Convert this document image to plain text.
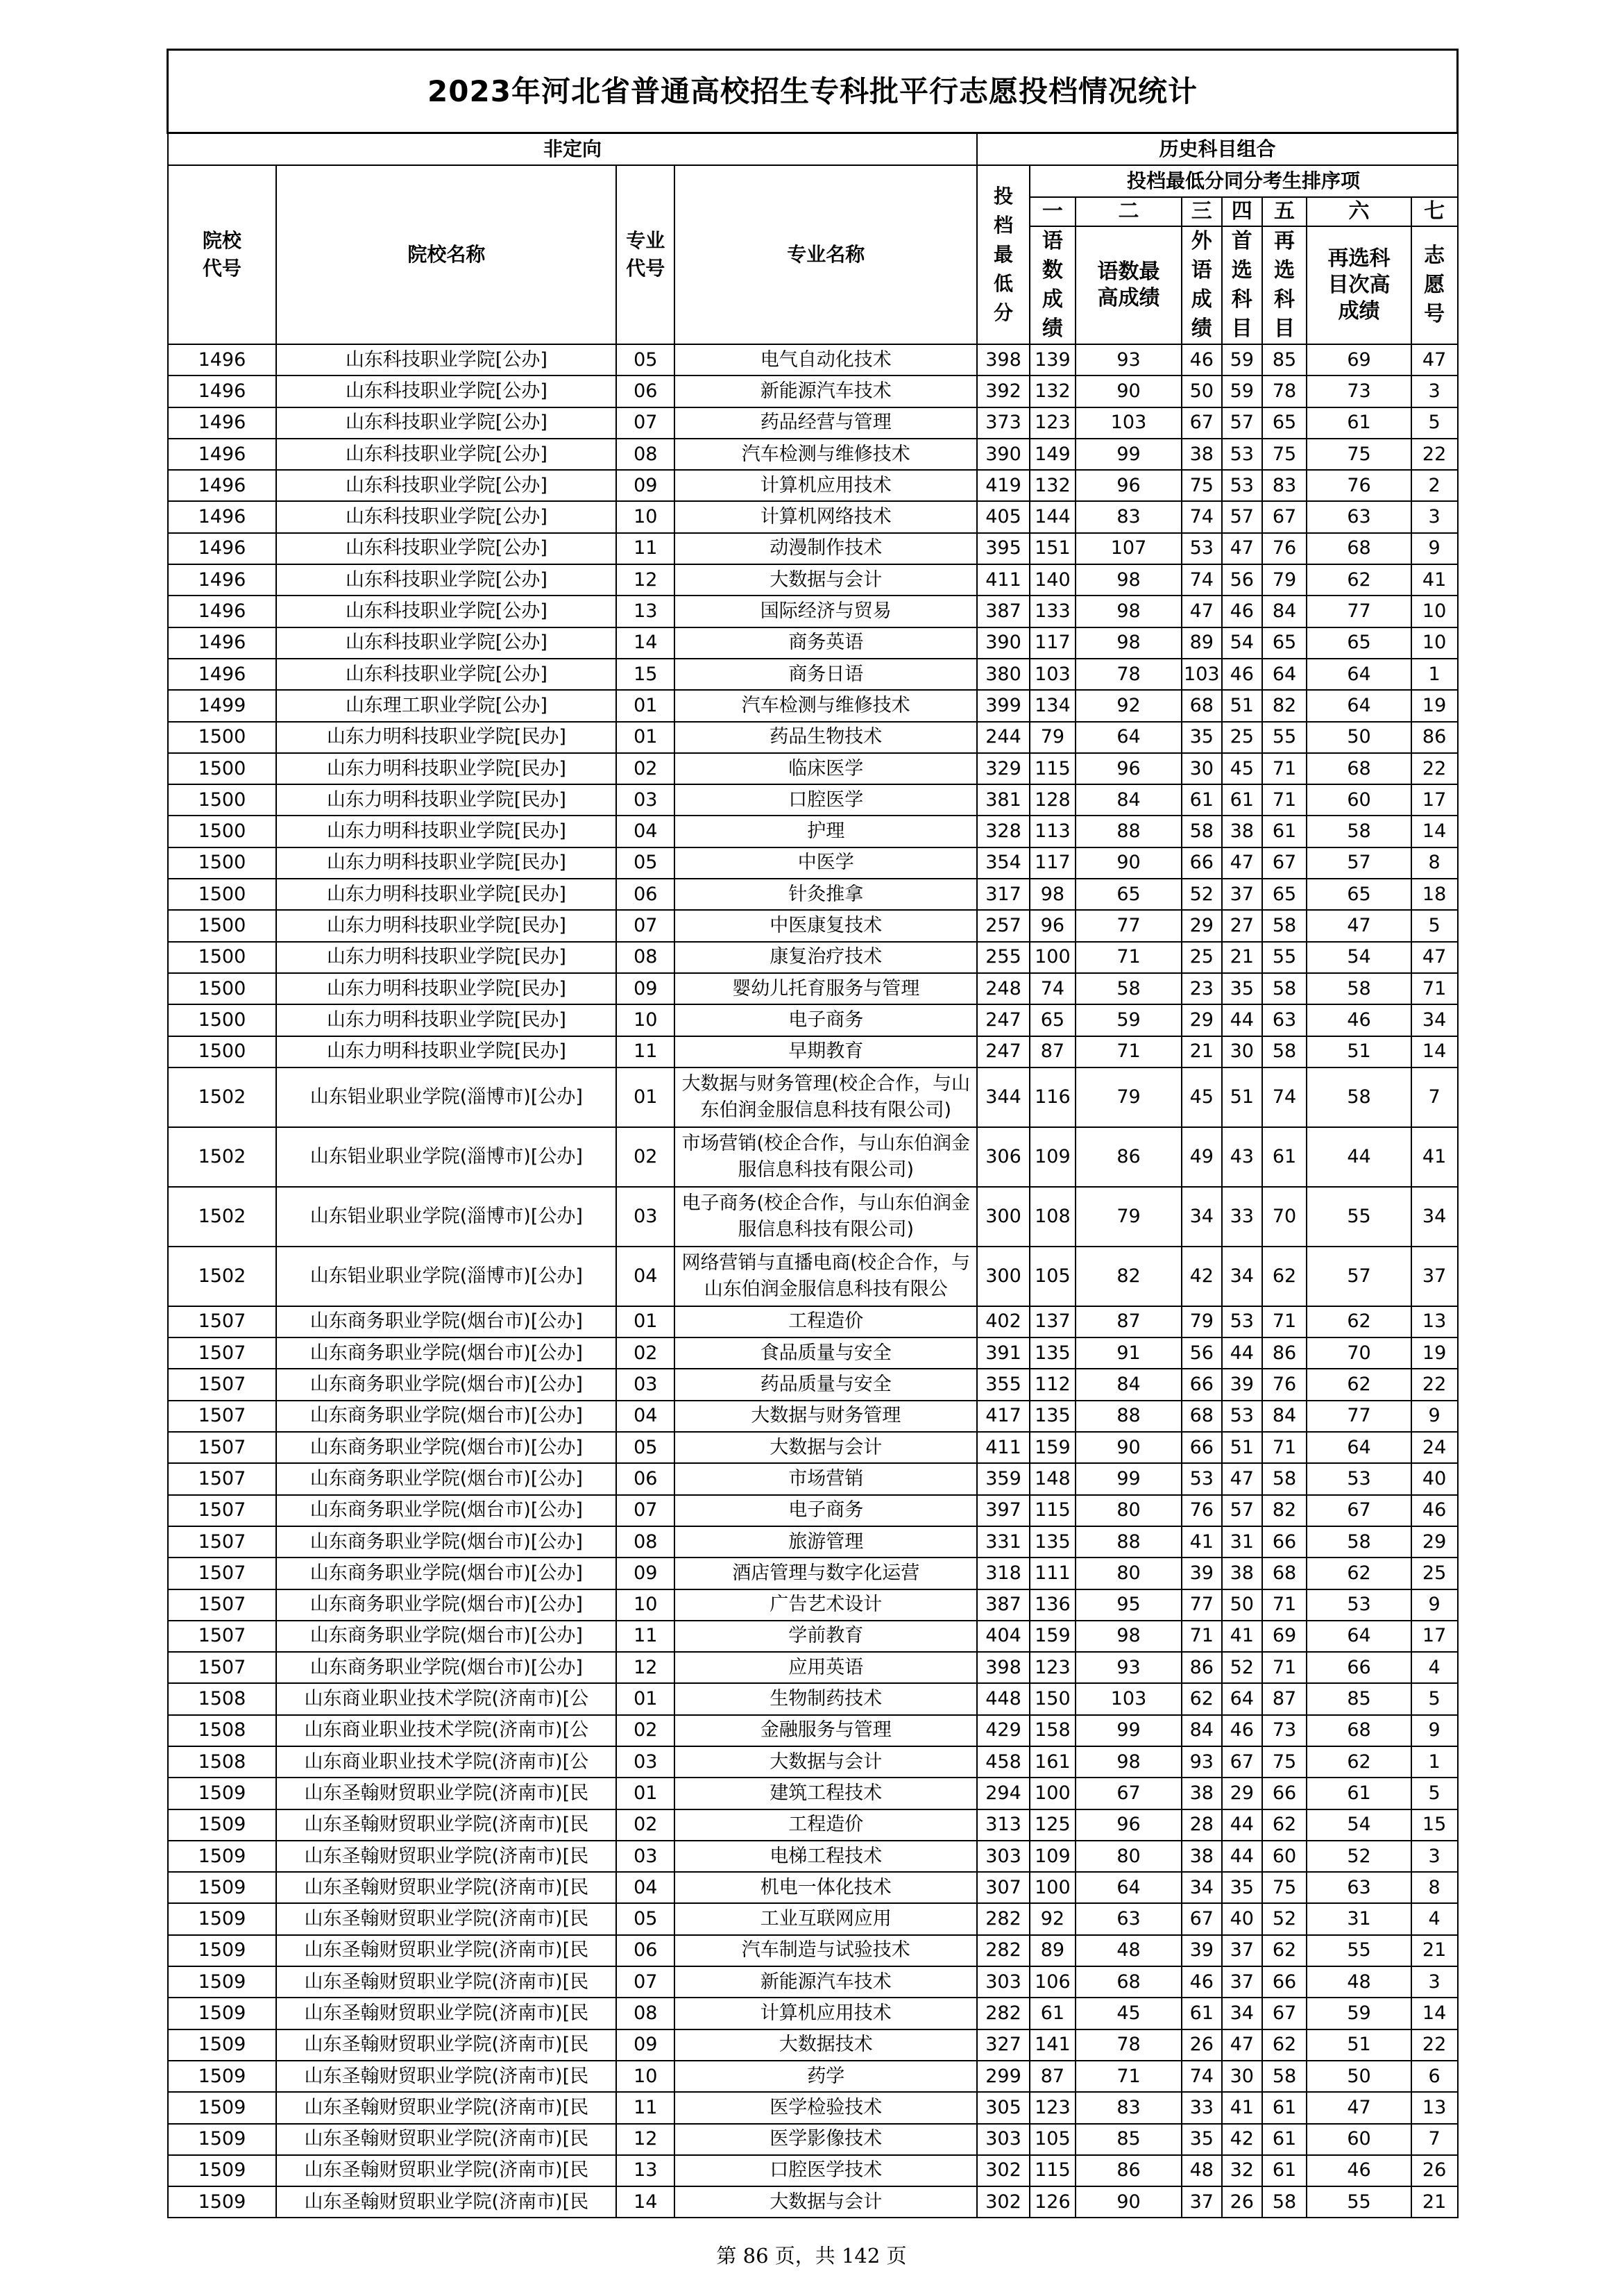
2023年河北省普通高校招生专科批平行志愿投档情况统计											
非定向				历史科目组合							
院校代号	院校名称	专业代号	专业名称	投档最低分	投档最低分同分考生排序项						
					一	二	三	四	五	六	七
					语数成绩	语数最高成绩	外语成绩	首选科目	再选科目	再选科目次高成绩	志愿号

1496	山东科技职业学院[公办]	05	电气自动化技术	398	139	93	46	59	85	69	47
1496	山东科技职业学院[公办]	06	新能源汽车技术	392	132	90	50	59	78	73	3
1496	山东科技职业学院[公办]	07	药品经营与管理	373	123	103	67	57	65	61	5
1496	山东科技职业学院[公办]	08	汽车检测与维修技术	390	149	99	38	53	75	75	22
1496	山东科技职业学院[公办]	09	计算机应用技术	419	132	96	75	53	83	76	2
1496	山东科技职业学院[公办]	10	计算机网络技术	405	144	83	74	57	67	63	3
1496	山东科技职业学院[公办]	11	动漫制作技术	395	151	107	53	47	76	68	9
1496	山东科技职业学院[公办]	12	大数据与会计	411	140	98	74	56	79	62	41
1496	山东科技职业学院[公办]	13	国际经济与贸易	387	133	98	47	46	84	77	10
1496	山东科技职业学院[公办]	14	商务英语	390	117	98	89	54	65	65	10
1496	山东科技职业学院[公办]	15	商务日语	380	103	78	103	46	64	64	1
1499	山东理工职业学院[公办]	01	汽车检测与维修技术	399	134	92	68	51	82	64	19
1500	山东力明科技职业学院[民办]	01	药品生物技术	244	79	64	35	25	55	50	86
1500	山东力明科技职业学院[民办]	02	临床医学	329	115	96	30	45	71	68	22
1500	山东力明科技职业学院[民办]	03	口腔医学	381	128	84	61	61	71	60	17
1500	山东力明科技职业学院[民办]	04	护理	328	113	88	58	38	61	58	14
1500	山东力明科技职业学院[民办]	05	中医学	354	117	90	66	47	67	57	8
1500	山东力明科技职业学院[民办]	06	针灸推拿	317	98	65	52	37	65	65	18
1500	山东力明科技职业学院[民办]	07	中医康复技术	257	96	77	29	27	58	47	5
1500	山东力明科技职业学院[民办]	08	康复治疗技术	255	100	71	25	21	55	54	47
1500	山东力明科技职业学院[民办]	09	婴幼儿托育服务与管理	248	74	58	23	35	58	58	71
1500	山东力明科技职业学院[民办]	10	电子商务	247	65	59	29	44	63	46	34
1500	山东力明科技职业学院[民办]	11	早期教育	247	87	71	21	30	58	51	14
1502	山东铝业职业学院(淄博市)[公办]	01	大数据与财务管理(校企合作，与山东伯润金服信息科技有限公司)	344	116	79	45	51	74	58	7
1502	山东铝业职业学院(淄博市)[公办]	02	市场营销(校企合作，与山东伯润金服信息科技有限公司)	306	109	86	49	43	61	44	41
1502	山东铝业职业学院(淄博市)[公办]	03	电子商务(校企合作，与山东伯润金服信息科技有限公司)	300	108	79	34	33	70	55	34
1502	山东铝业职业学院(淄博市)[公办]	04	网络营销与直播电商(校企合作，与山东伯润金服信息科技有限公	300	105	82	42	34	62	57	37
1507	山东商务职业学院(烟台市)[公办]	01	工程造价	402	137	87	79	53	71	62	13
1507	山东商务职业学院(烟台市)[公办]	02	食品质量与安全	391	135	91	56	44	86	70	19
1507	山东商务职业学院(烟台市)[公办]	03	药品质量与安全	355	112	84	66	39	76	62	22
1507	山东商务职业学院(烟台市)[公办]	04	大数据与财务管理	417	135	88	68	53	84	77	9
1507	山东商务职业学院(烟台市)[公办]	05	大数据与会计	411	159	90	66	51	71	64	24
1507	山东商务职业学院(烟台市)[公办]	06	市场营销	359	148	99	53	47	58	53	40
1507	山东商务职业学院(烟台市)[公办]	07	电子商务	397	115	80	76	57	82	67	46
1507	山东商务职业学院(烟台市)[公办]	08	旅游管理	331	135	88	41	31	66	58	29
1507	山东商务职业学院(烟台市)[公办]	09	酒店管理与数字化运营	318	111	80	39	38	68	62	25
1507	山东商务职业学院(烟台市)[公办]	10	广告艺术设计	387	136	95	77	50	71	53	9
1507	山东商务职业学院(烟台市)[公办]	11	学前教育	404	159	98	71	41	69	64	17
1507	山东商务职业学院(烟台市)[公办]	12	应用英语	398	123	93	86	52	71	66	4
1508	山东商业职业技术学院(济南市)[公	01	生物制药技术	448	150	103	62	64	87	85	5
1508	山东商业职业技术学院(济南市)[公	02	金融服务与管理	429	158	99	84	46	73	68	9
1508	山东商业职业技术学院(济南市)[公	03	大数据与会计	458	161	98	93	67	75	62	1
1509	山东圣翰财贸职业学院(济南市)[民	01	建筑工程技术	294	100	67	38	29	66	61	5
1509	山东圣翰财贸职业学院(济南市)[民	02	工程造价	313	125	96	28	44	62	54	15
1509	山东圣翰财贸职业学院(济南市)[民	03	电梯工程技术	303	109	80	38	44	60	52	3
1509	山东圣翰财贸职业学院(济南市)[民	04	机电一体化技术	307	100	64	34	35	75	63	8
1509	山东圣翰财贸职业学院(济南市)[民	05	工业互联网应用	282	92	63	67	40	52	31	4
1509	山东圣翰财贸职业学院(济南市)[民	06	汽车制造与试验技术	282	89	48	39	37	62	55	21
1509	山东圣翰财贸职业学院(济南市)[民	07	新能源汽车技术	303	106	68	46	37	66	48	3
1509	山东圣翰财贸职业学院(济南市)[民	08	计算机应用技术	282	61	45	61	34	67	59	14
1509	山东圣翰财贸职业学院(济南市)[民	09	大数据技术	327	141	78	26	47	62	51	22
1509	山东圣翰财贸职业学院(济南市)[民	10	药学	299	87	71	74	30	58	50	6
1509	山东圣翰财贸职业学院(济南市)[民	11	医学检验技术	305	123	83	33	41	61	47	13
1509	山东圣翰财贸职业学院(济南市)[民	12	医学影像技术	303	105	85	35	42	61	60	7
1509	山东圣翰财贸职业学院(济南市)[民	13	口腔医学技术	302	115	86	48	32	61	46	26
1509	山东圣翰财贸职业学院(济南市)[民	14	大数据与会计	302	126	90	37	26	58	55	21
第 86 页，共 142 页
